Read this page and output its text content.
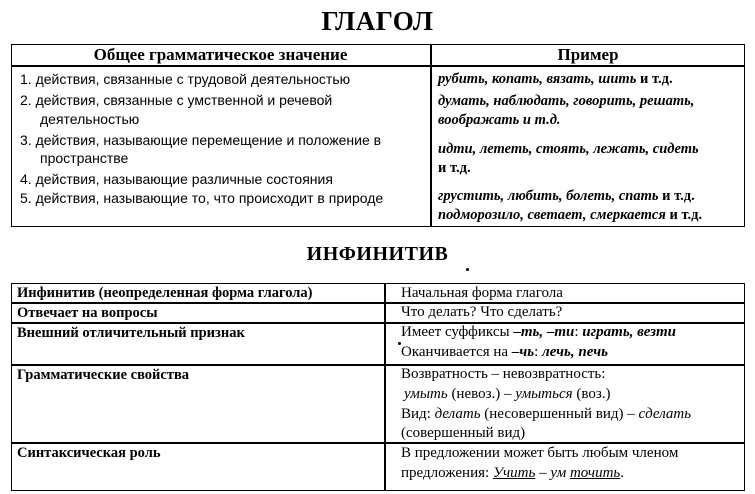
ГЛАГОЛ
Общее грамматическое значение	Пример
1. действия, связанные с трудовой деятельностью
2. действия, связанные с умственной и речевой
деятельностью
3. действия, называющие перемещение и положение в
пространстве
4. действия, называющие различные состояния
5. действия, называющие то, что происходит в природе
рубить, копать, вязать, шить и т.д.
думать, наблюдать, говорить, решать,
воображать и т.д.
идти, лететь, стоять, лежать, сидеть
и т.д.
грустить, любить, болеть, спать и т.д.
подморозило, светает, смеркается и т.д.
ИНФИНИТИВ
Инфинитив (неопределенная форма глагола)
Отвечает на вопросы
Внешний отличительный признак
Грамматические свойства
Синтаксическая роль
Начальная форма глагола
Что делать? Что сделать?
Имеет суффиксы –ть, –ти: играть, везти
Оканчивается на –чь: лечь, печь
Возвратность – невозвратность:
умыть (невоз.) – умыться (воз.)
Вид: делать (несовершенный вид) – сделать
(совершенный вид)
В предложении может быть любым членом
предложения: Учить – ум точить.
